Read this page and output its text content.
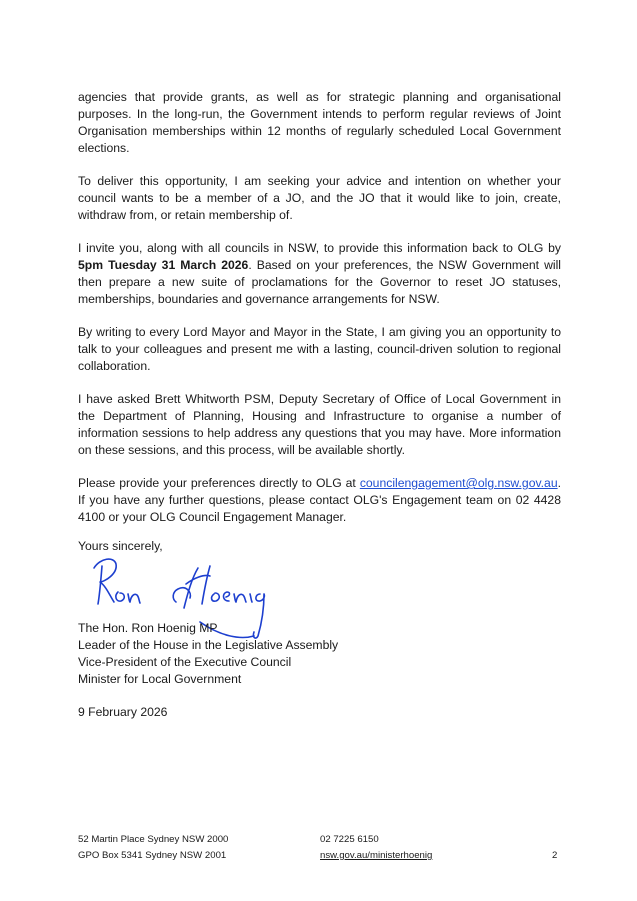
agencies that provide grants, as well as for strategic planning and organisational purposes. In the long-run, the Government intends to perform regular reviews of Joint Organisation memberships within 12 months of regularly scheduled Local Government elections.

To deliver this opportunity, I am seeking your advice and intention on whether your council wants to be a member of a JO, and the JO that it would like to join, create, withdraw from, or retain membership of.

I invite you, along with all councils in NSW, to provide this information back to OLG by 5pm Tuesday 31 March 2026. Based on your preferences, the NSW Government will then prepare a new suite of proclamations for the Governor to reset JO statuses, memberships, boundaries and governance arrangements for NSW.

By writing to every Lord Mayor and Mayor in the State, I am giving you an opportunity to talk to your colleagues and present me with a lasting, council-driven solution to regional collaboration.

I have asked Brett Whitworth PSM, Deputy Secretary of Office of Local Government in the Department of Planning, Housing and Infrastructure to organise a number of information sessions to help address any questions that you may have. More information on these sessions, and this process, will be available shortly.

Please provide your preferences directly to OLG at councilengagement@olg.nsw.gov.au. If you have any further questions, please contact OLG's Engagement team on 02 4428 4100 or your OLG Council Engagement Manager.

Yours sincerely,

The Hon. Ron Hoenig MP
Leader of the House in the Legislative Assembly
Vice-President of the Executive Council
Minister for Local Government
9 February 2026
52 Martin Place Sydney NSW 2000
GPO Box 5341 Sydney NSW 2001
02 7225 6150
nsw.gov.au/ministerhoenig	2
